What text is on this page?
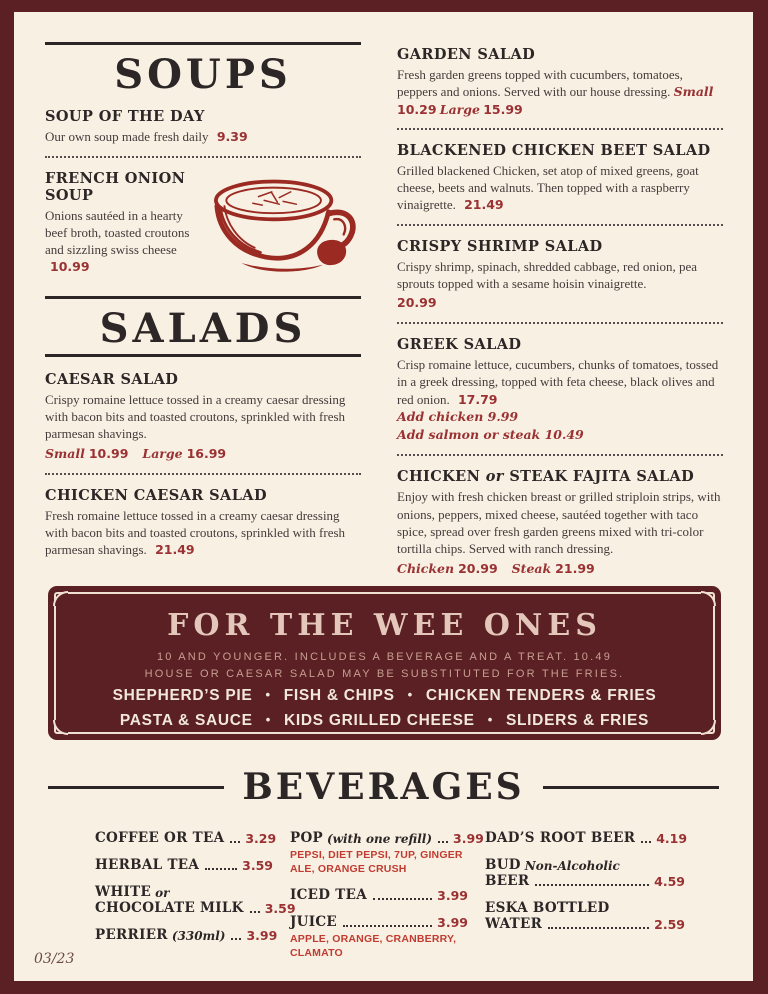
SOUPS
SOUP OF THE DAY

Our own soup made fresh daily 9.39

FRENCH ONION SOUP

Onions sautéed in a hearty beef broth, toasted croutons and sizzling swiss cheese 10.99

SALADS
CAESAR SALAD

Crispy romaine lettuce tossed in a creamy caesar dressing with bacon bits and toasted croutons, sprinkled with fresh parmesan shavings.

Small 10.99 Large 16.99
CHICKEN CAESAR SALAD

Fresh romaine lettuce tossed in a creamy caesar dressing with bacon bits and toasted croutons, sprinkled with fresh parmesan shavings. 21.49

GARDEN SALAD

Fresh garden greens topped with cucumbers, tomatoes, peppers and onions. Served with our house dressing. Small 10.29 Large 15.99

BLACKENED CHICKEN BEET SALAD

Grilled blackened Chicken, set atop of mixed greens, goat cheese, beets and walnuts. Then topped with a raspberry vinaigrette. 21.49

CRISPY SHRIMP SALAD

Crispy shrimp, spinach, shredded cabbage, red onion, pea sprouts topped with a sesame hoisin vinaigrette.

20.99
GREEK SALAD

Crisp romaine lettuce, cucumbers, chunks of tomatoes, tossed in a greek dressing, topped with feta cheese, black olives and red onion. 17.79

Add chicken 9.99
Add salmon or steak 10.49
CHICKEN or STEAK FAJITA SALAD

Enjoy with fresh chicken breast or grilled striploin strips, with onions, peppers, mixed cheese, sautéed together with taco spice, spread over fresh garden greens mixed with tri-color tortilla chips. Served with ranch dressing.

Chicken 20.99 Steak 21.99
FOR THE WEE ONES
10 AND YOUNGER. INCLUDES A BEVERAGE AND A TREAT. 10.49
HOUSE OR CAESAR SALAD MAY BE SUBSTITUTED FOR THE FRIES.
SHEPHERD’S PIE • FISH & CHIPS • CHICKEN TENDERS & FRIES
PASTA & SAUCE • KIDS GRILLED CHEESE • SLIDERS & FRIES
BEVERAGES
COFFEE OR TEA 3.29
HERBAL TEA	3.59
WHITE or
CHOCOLATE MILK 3.59
PERRIER (330ml) 3.99
POP (with one refill) 3.99
PEPSI, DIET PEPSI, 7UP, GINGER ALE, ORANGE CRUSH
ICED TEA	3.99
JUICE	3.99
APPLE, ORANGE, CRANBERRY, CLAMATO
DAD’S ROOT BEER 4.19
BUD Non-Alcoholic
BEER	4.59
ESKA BOTTLED
WATER	2.59
03/23
